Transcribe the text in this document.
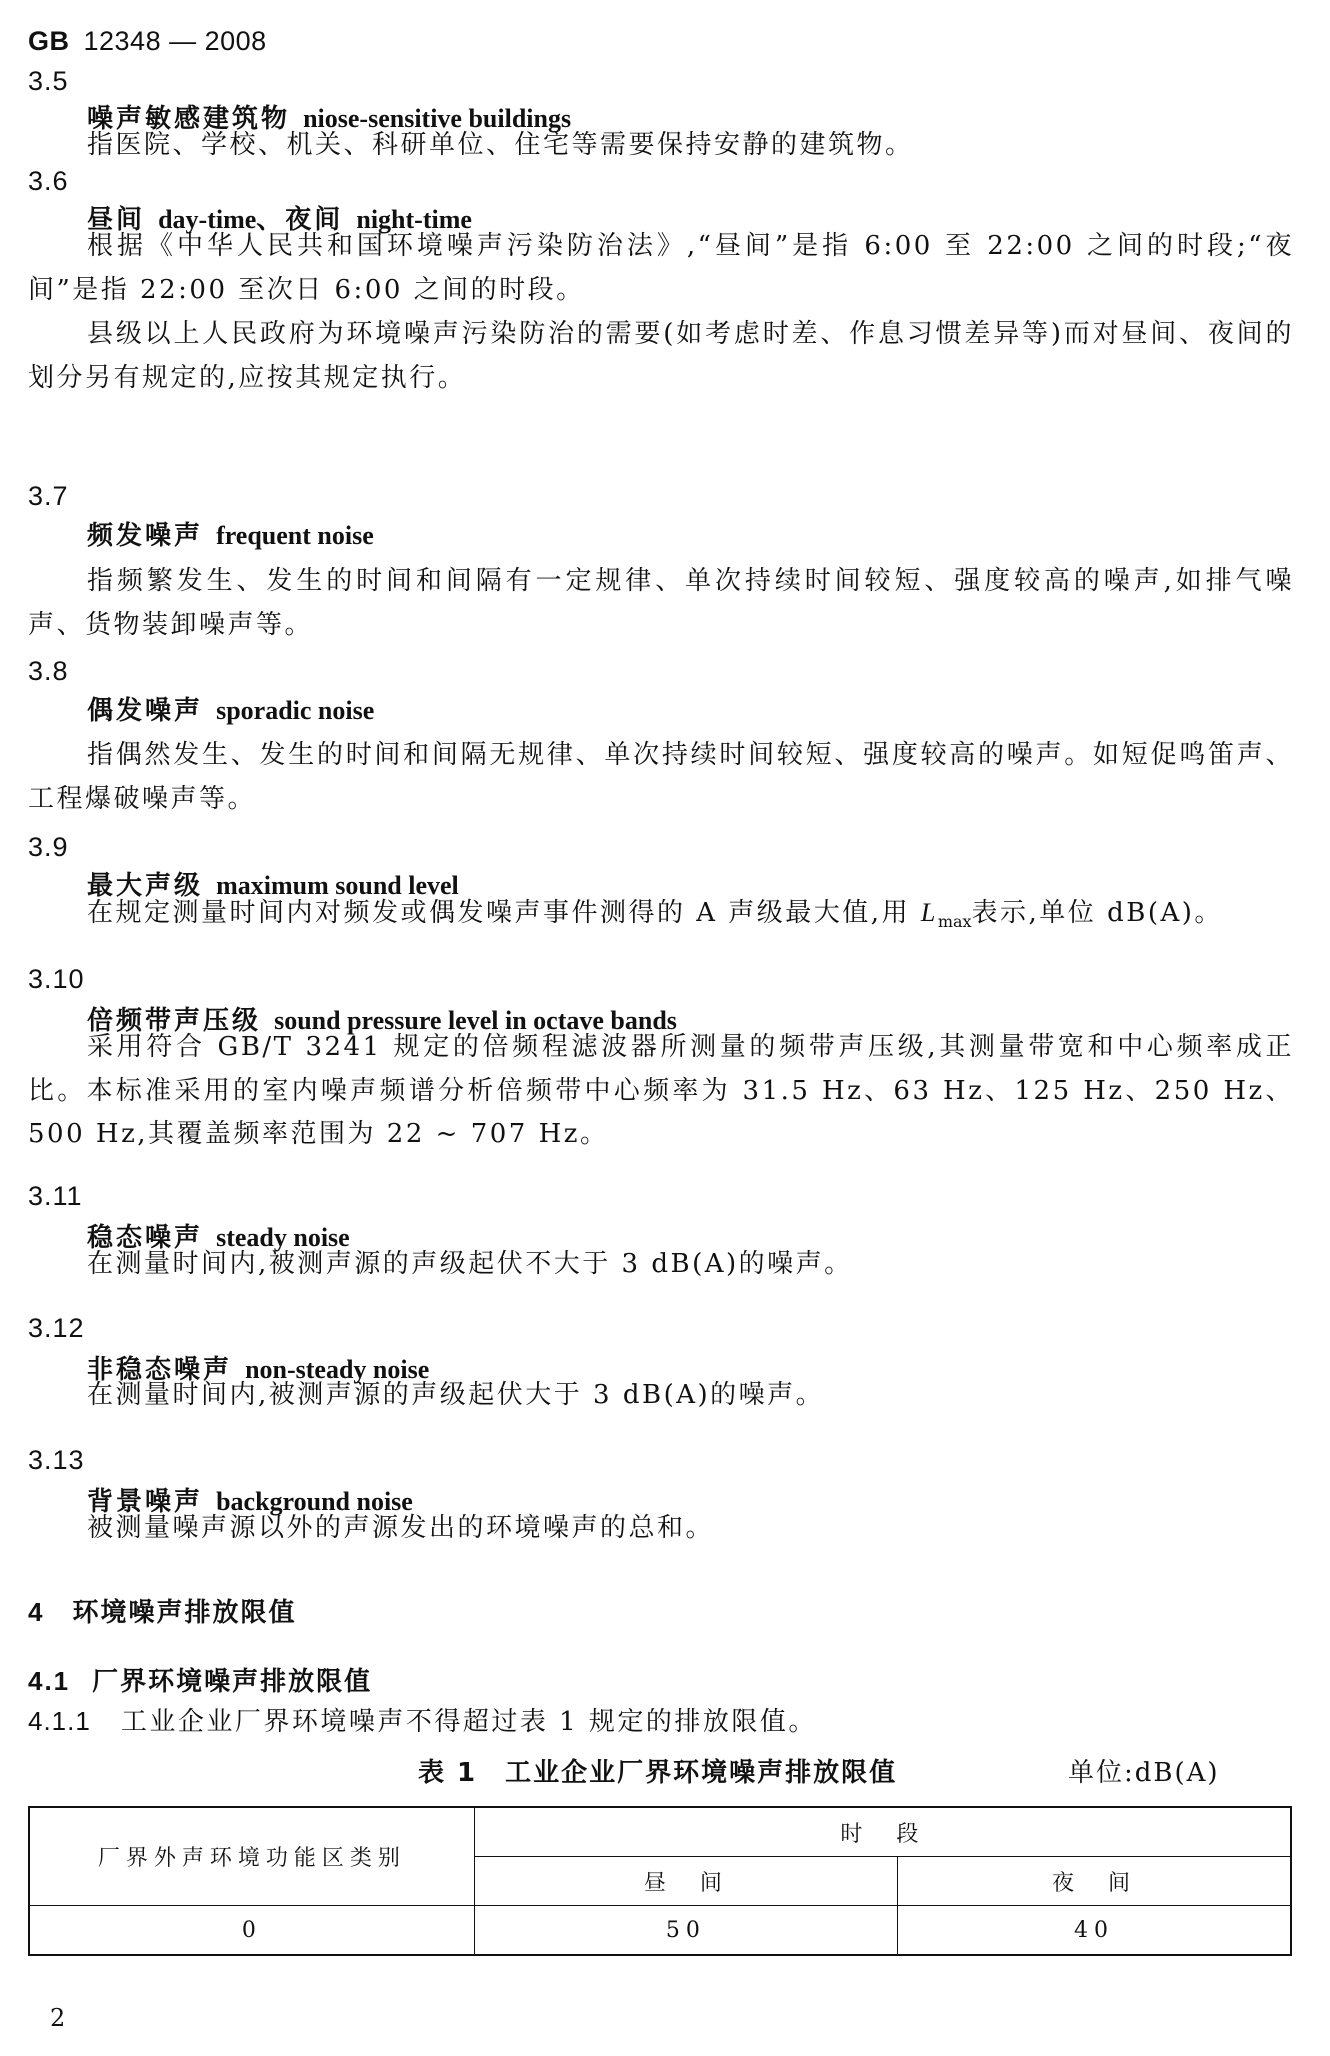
GB 12348 — 2008
3.5
噪声敏感建筑物 niose-sensitive buildings
指医院、学校、机关、科研单位、住宅等需要保持安静的建筑物。
3.6
昼间 day-time、夜间 night-time
根据《中华人民共和国环境噪声污染防治法》,“昼间”是指 6:00 至 22:00 之间的时段;“夜间”是指 22:00 至次日 6:00 之间的时段。
县级以上人民政府为环境噪声污染防治的需要(如考虑时差、作息习惯差异等)而对昼间、夜间的划分另有规定的,应按其规定执行。
3.7
频发噪声 frequent noise
指频繁发生、发生的时间和间隔有一定规律、单次持续时间较短、强度较高的噪声,如排气噪声、货物装卸噪声等。
3.8
偶发噪声 sporadic noise
指偶然发生、发生的时间和间隔无规律、单次持续时间较短、强度较高的噪声。如短促鸣笛声、工程爆破噪声等。
3.9
最大声级 maximum sound level
在规定测量时间内对频发或偶发噪声事件测得的 A 声级最大值,用 $L_{max}$表示,单位 dB(A)。
3.10
倍频带声压级 sound pressure level in octave bands
采用符合 GB/T 3241 规定的倍频程滤波器所测量的频带声压级,其测量带宽和中心频率成正比。本标准采用的室内噪声频谱分析倍频带中心频率为 31.5 Hz、63 Hz、125 Hz、250 Hz、500 Hz,其覆盖频率范围为 22 ~ 707 Hz。
3.11
稳态噪声 steady noise
在测量时间内,被测声源的声级起伏不大于 3 dB(A)的噪声。
3.12
非稳态噪声 non-steady noise
在测量时间内,被测声源的声级起伏大于 3 dB(A)的噪声。
3.13
背景噪声 background noise
被测量噪声源以外的声源发出的环境噪声的总和。
4 环境噪声排放限值
4.1 厂界环境噪声排放限值
4.1.1 工业企业厂界环境噪声不得超过表 1 规定的排放限值。
表 1 工业企业厂界环境噪声排放限值	单位:dB(A)
厂界外声环境功能区类别	时　段	
	昼　间	夜　间
0	50	40
2
